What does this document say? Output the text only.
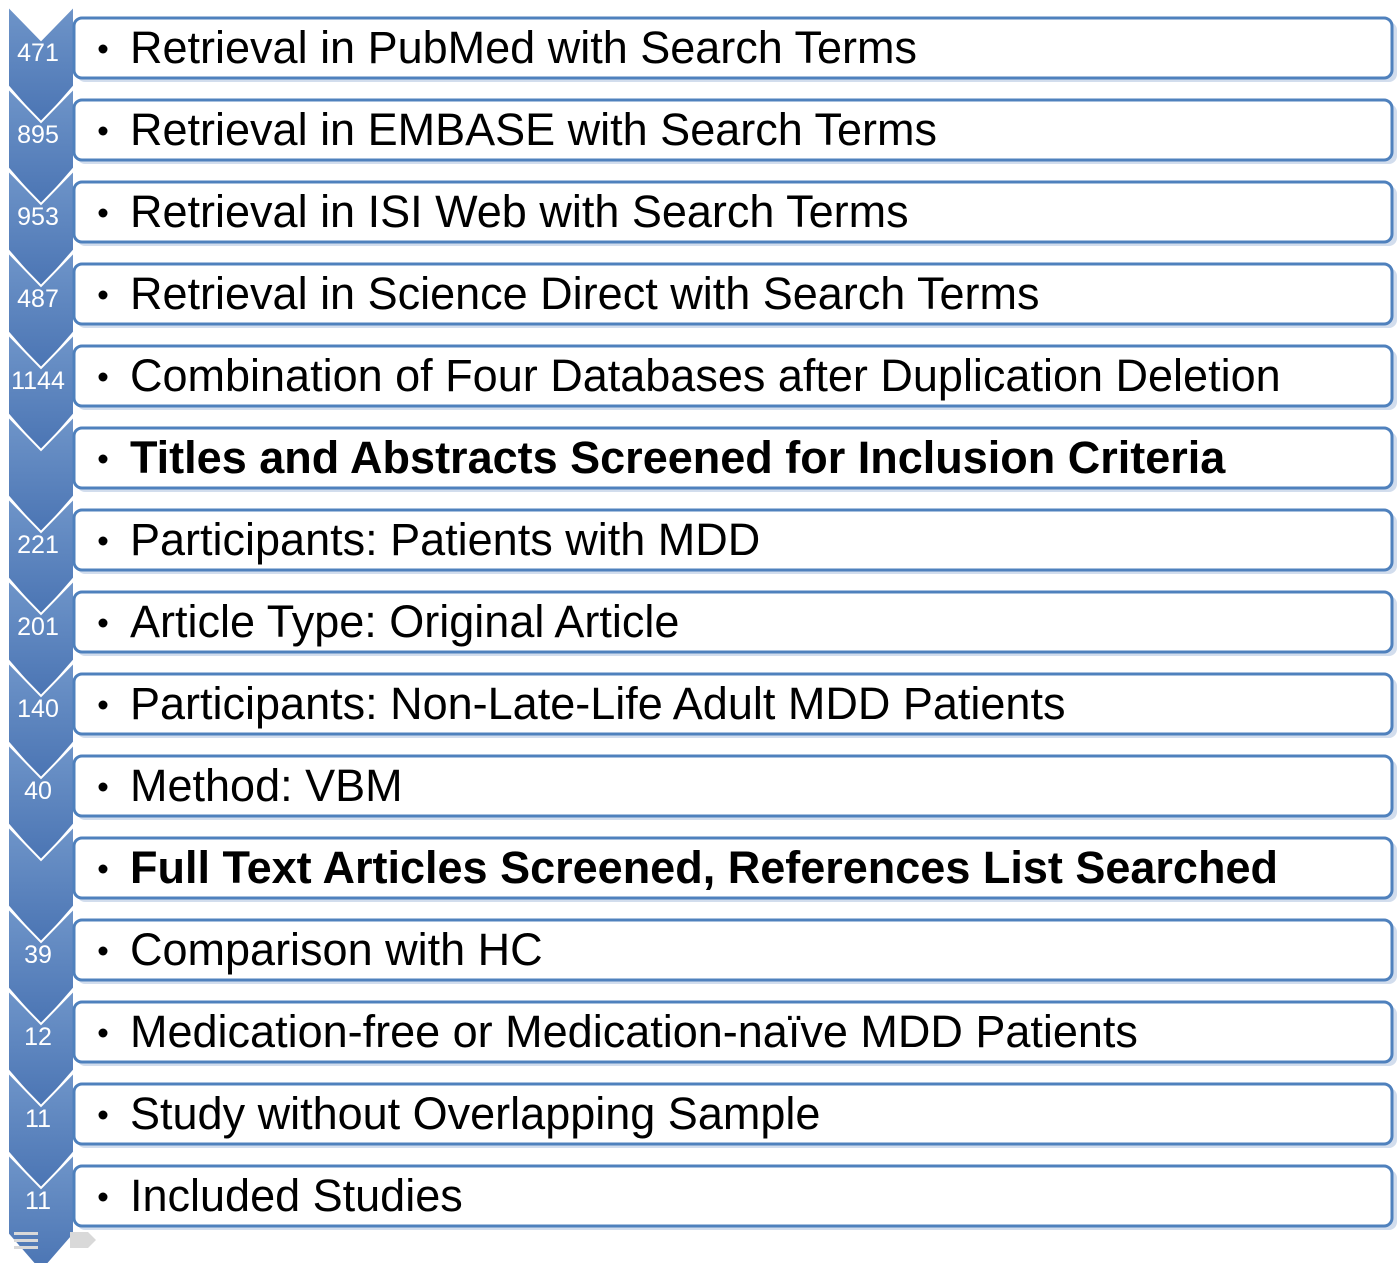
471 Retrieval in PubMed with Search Terms
895 Retrieval in EMBASE with Search Terms
953 Retrieval in ISI Web with Search Terms
487 Retrieval in Science Direct with Search Terms
1144 Combination of Four Databases after Duplication Deletion
Titles and Abstracts Screened for Inclusion Criteria
221 Participants: Patients with MDD
201 Article Type: Original Article
140 Participants: Non-Late-Life Adult MDD Patients
40 Method: VBM
Full Text Articles Screened, References List Searched
39 Comparison with HC
12 Medication-free or Medication-naïve MDD Patients
11 Study without Overlapping Sample
11 Included Studies
